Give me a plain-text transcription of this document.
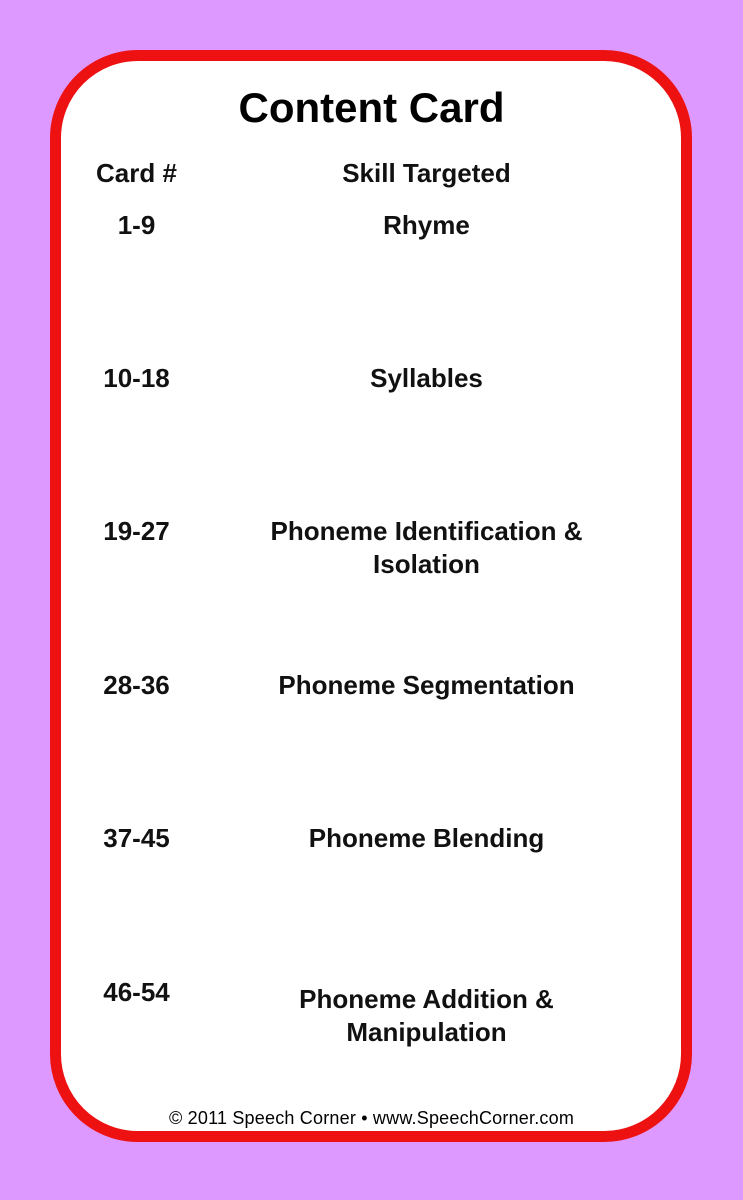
Content Card
Card #	Skill Targeted
1-9	Rhyme
10-18	Syllables
19-27	Phoneme Identification &
Isolation
28-36	Phoneme Segmentation
37-45	Phoneme Blending
46-54	Phoneme Addition &
Manipulation
© 2011 Speech Corner • www.SpeechCorner.com
